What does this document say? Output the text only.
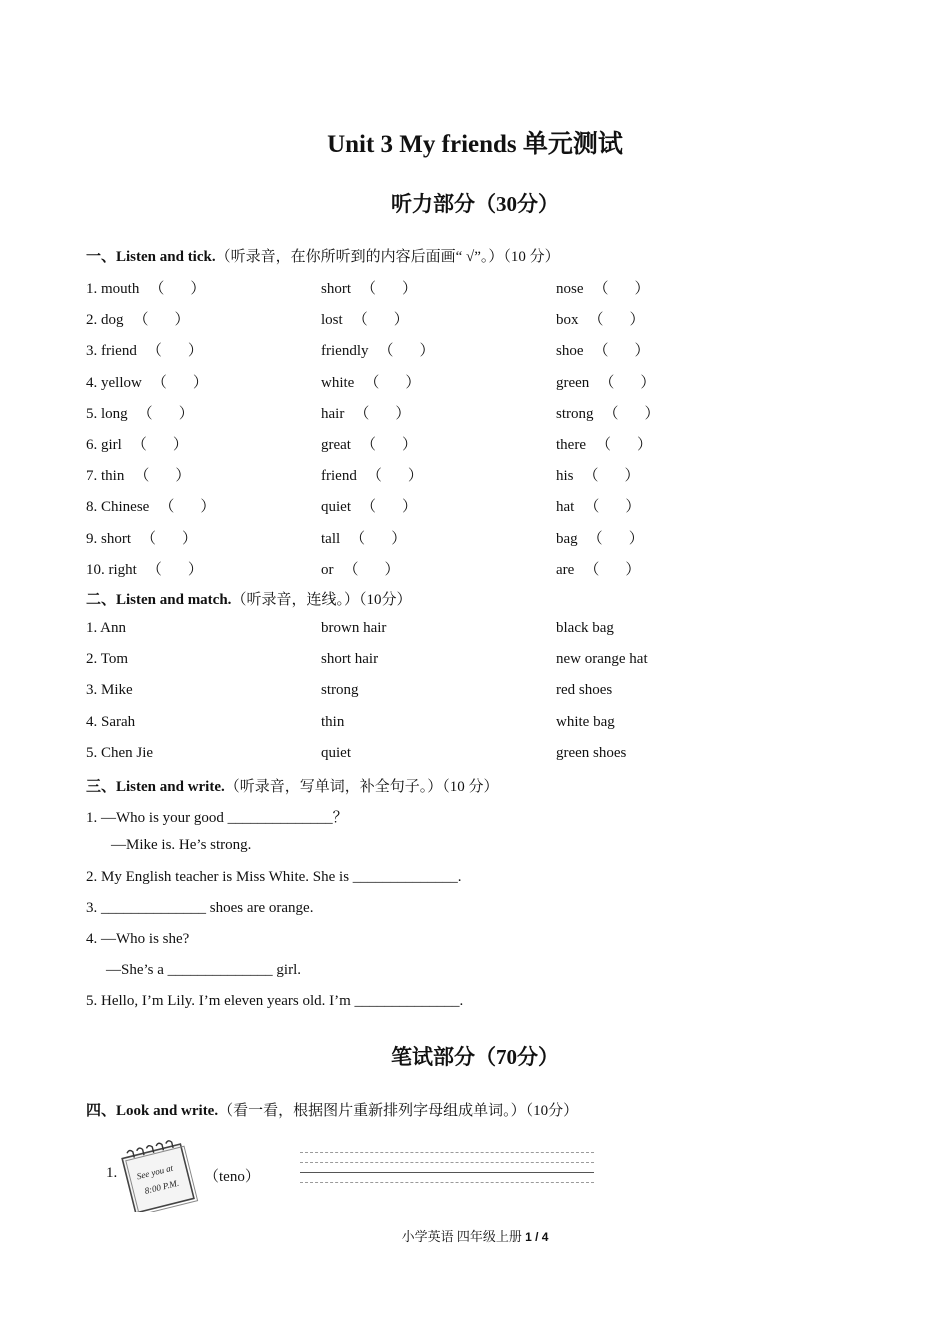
Unit 3 My friends 单元测试
听力部分（30分）
一、Listen and tick.（听录音，在你所听到的内容后面画“ √”。）（10 分）
1. mouth （ ）	short （ ）	nose （ ）
2. dog （ ）	lost （ ）	box （ ）
3. friend （ ）	friendly （ ）	shoe （ ）
4. yellow （ ）	white （ ）	green （ ）
5. long （ ）	hair （ ）	strong （ ）
6. girl （ ）	great （ ）	there （ ）
7. thin （ ）	friend （ ）	his （ ）
8. Chinese （ ）	quiet （ ）	hat （ ）
9. short （ ）	tall （ ）	bag （ ）
10. right （ ）	or （ ）	are （ ）
二、Listen and match.（听录音，连线。）（10分）
1. Ann	brown hair	black bag
2. Tom	short hair	new orange hat
3. Mike	strong	red shoes
4. Sarah	thin	white bag
5. Chen Jie	quiet	green shoes
三、Listen and write.（听录音，写单词，补全句子。）（10 分）
1. —Who is your good ______________？
—Mike is. He’s strong.
2. My English teacher is Miss White. She is ______________.
3. ______________ shoes are orange.
4. —Who is she?
—She’s a ______________ girl.
5. Hello, I’m Lily. I’m eleven years old. I’m ______________.
笔试部分（70分）
四、Look and write.（看一看，根据图片重新排列字母组成单词。）（10分）
1. See you at
8:00 P.M.
（teno）
小学英语 四年级上册 1 / 4
